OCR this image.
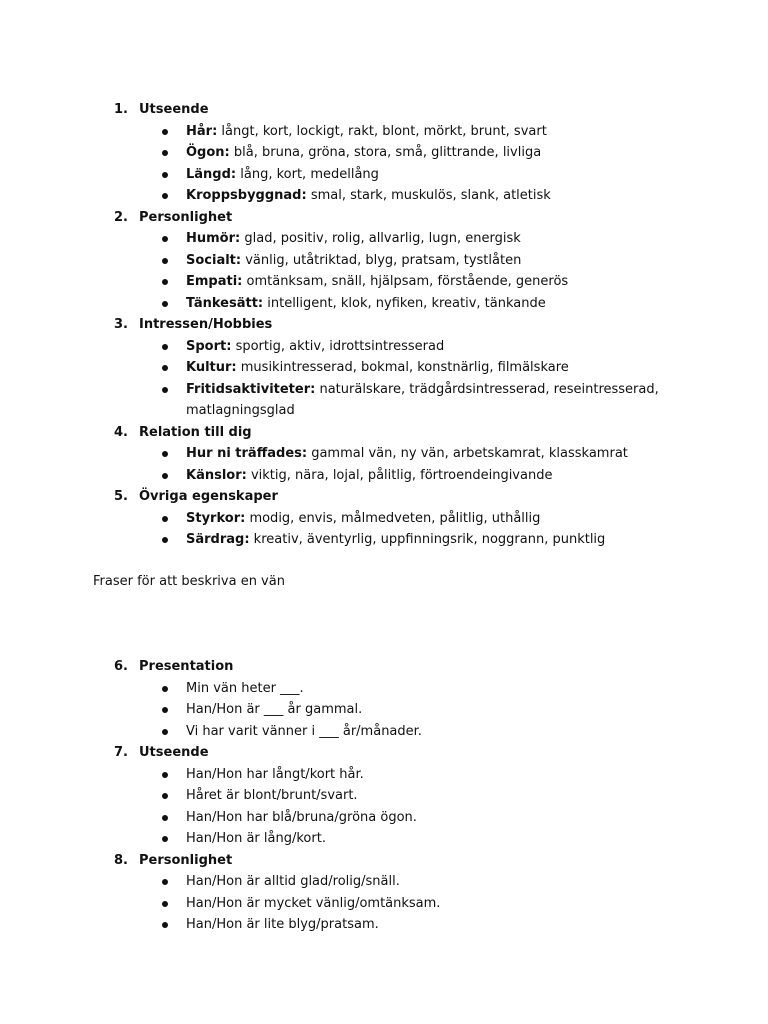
1. Utseende
Hår: långt, kort, lockigt, rakt, blont, mörkt, brunt, svart
Ögon: blå, bruna, gröna, stora, små, glittrande, livliga
Längd: lång, kort, medellång
Kroppsbyggnad: smal, stark, muskulös, slank, atletisk
2. Personlighet
Humör: glad, positiv, rolig, allvarlig, lugn, energisk
Socialt: vänlig, utåtriktad, blyg, pratsam, tystlåten
Empati: omtänksam, snäll, hjälpsam, förstående, generös
Tänkesätt: intelligent, klok, nyfiken, kreativ, tänkande
3. Intressen/Hobbies
Sport: sportig, aktiv, idrottsintresserad
Kultur: musikintresserad, bokmal, konstnärlig, filmälskare
Fritidsaktiviteter: naturälskare, trädgårdsintresserad, reseintresserad, matlagningsglad
4. Relation till dig
Hur ni träffades: gammal vän, ny vän, arbetskamrat, klasskamrat
Känslor: viktig, nära, lojal, pålitlig, förtroendeingivande
5. Övriga egenskaper
Styrkor: modig, envis, målmedveten, pålitlig, uthållig
Särdrag: kreativ, äventyrlig, uppfinningsrik, noggrann, punktlig
Fraser för att beskriva en vän
6. Presentation
Min vän heter ___.
Han/Hon är ___ år gammal.
Vi har varit vänner i ___ år/månader.
7. Utseende
Han/Hon har långt/kort hår.
Håret är blont/brunt/svart.
Han/Hon har blå/bruna/gröna ögon.
Han/Hon är lång/kort.
8. Personlighet
Han/Hon är alltid glad/rolig/snäll.
Han/Hon är mycket vänlig/omtänksam.
Han/Hon är lite blyg/pratsam.
